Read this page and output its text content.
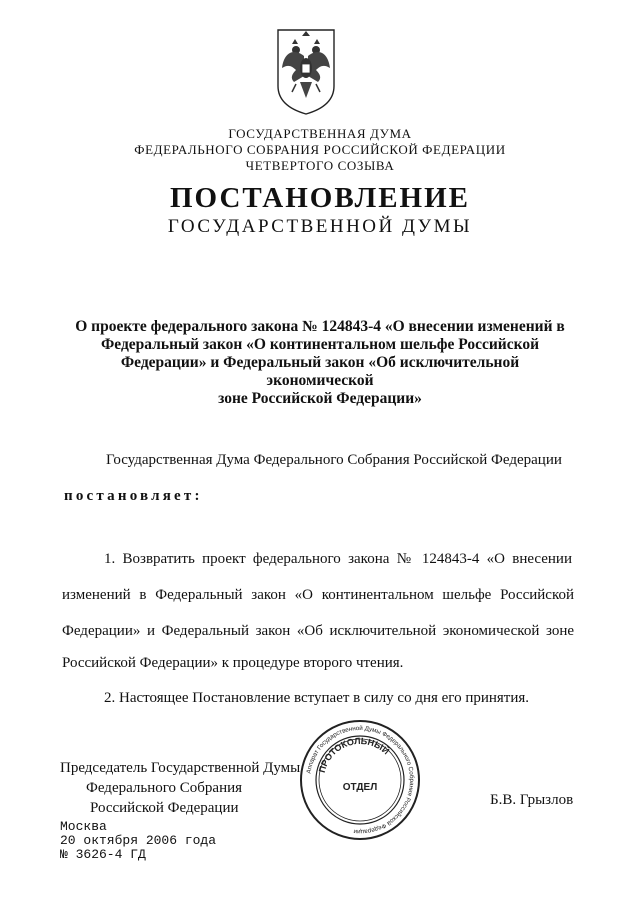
ГОСУДАРСТВЕННАЯ ДУМА
ФЕДЕРАЛЬНОГО СОБРАНИЯ РОССИЙСКОЙ ФЕДЕРАЦИИ
ЧЕТВЕРТОГО СОЗЫВА
ПОСТАНОВЛЕНИЕ
ГОСУДАРСТВЕННОЙ ДУМЫ
О проекте федерального закона № 124843-4 «О внесении изменений в
Федеральный закон «О континентальном шельфе Российской
Федерации» и Федеральный закон «Об исключительной экономической
зоне Российской Федерации»
Государственная Дума Федерального Собрания Российской Федерации
постановляет:
1. Возвратить проект федерального закона № 124843-4 «О внесении
изменений в Федеральный закон «О континентальном шельфе Российской
Федерации» и Федеральный закон «Об исключительной экономической зоне
Российской Федерации» к процедуре второго чтения.
2. Настоящее Постановление вступает в силу со дня его принятия.
Председатель Государственной Думы
Федерального Собрания
Российской Федерации	Б.В. Грызлов
Аппарат Государственной Думы Федерального Собрания Российской Федерации
ПРОТОКОЛЬНЫЙ
ОТДЕЛ
Москва
20 октября 2006 года
№ 3626-4 ГД
